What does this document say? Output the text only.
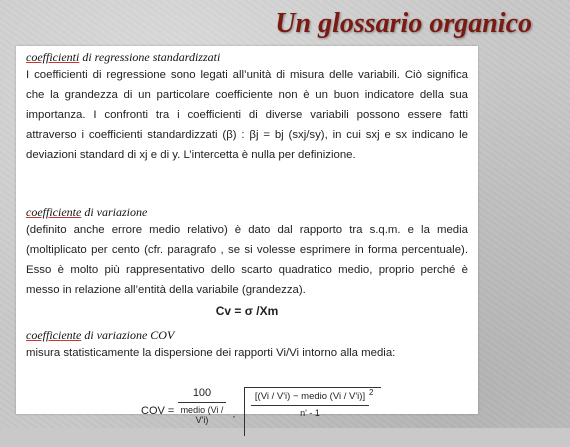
Un glossario organico

coefficienti di regressione standardizzati

I coefficienti di regressione sono legati all’unità di misura delle variabili. Ciò significa che la grandezza di un particolare coefficiente non è un buon indicatore della sua importanza. I confronti tra i coefficienti di diverse variabili possono essere fatti attraverso i coefficienti standardizzati (β) : βj = bj (sxj/sy), in cui sxj e sx indicano le deviazioni standard di xj e di y. L’intercetta è nulla per definizione.

coefficiente di variazione

(definito anche errore medio relativo) è dato dal rapporto tra s.q.m. e la media (moltiplicato per cento (cfr. paragrafo , se si volesse esprimere in forma percentuale). Esso è molto più rappresentativo dello scarto quadratico medio, proprio perché è messo in relazione all’entità della variabile (grandezza).

Cv = σ /Xm

coefficiente di variazione COV

misura statisticamente la dispersione dei rapporti Vi/Vi intorno alla media:

COV =
100
medio (Vi / V'i)	·
[(Vi / V'i) − medio (Vi / V'i)]
n' - 1
2
